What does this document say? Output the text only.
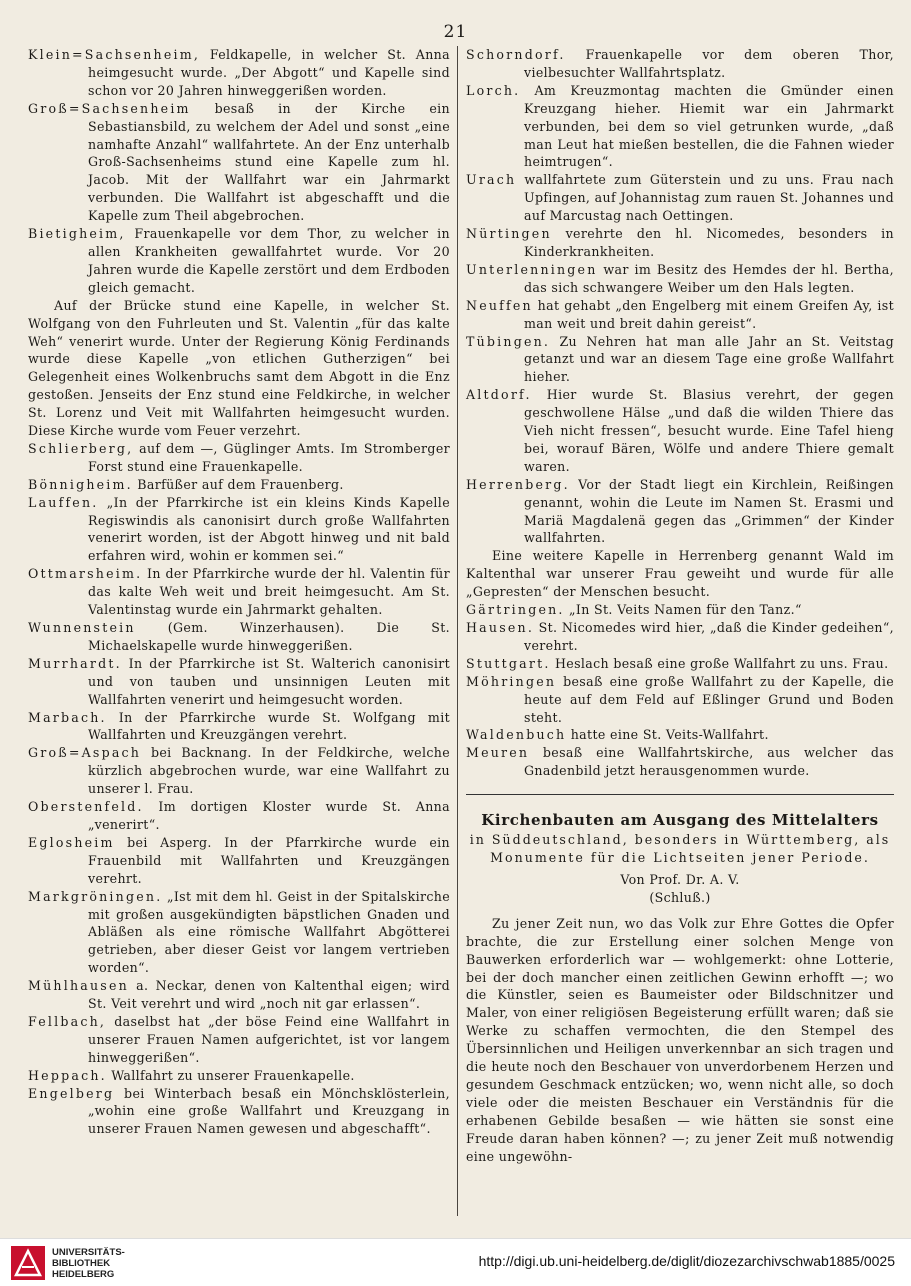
21
Klein=Sachsenheim, Feldkapelle, in welcher St. Anna heimgesucht wurde. „Der Abgott“ und Kapelle sind schon vor 20 Jahren hinweggerißen worden.
Groß=Sachsenheim besaß in der Kirche ein Sebastiansbild, zu welchem der Adel und sonst „eine namhafte Anzahl“ wallfahrtete. An der Enz unterhalb Groß-Sachsenheims stund eine Kapelle zum hl. Jacob. Mit der Wallfahrt war ein Jahrmarkt verbunden. Die Wallfahrt ist abgeschafft und die Kapelle zum Theil abgebrochen.
Bietigheim, Frauenkapelle vor dem Thor, zu welcher in allen Krankheiten gewallfahrtet wurde. Vor 20 Jahren wurde die Kapelle zerstört und dem Erdboden gleich gemacht.
Auf der Brücke stund eine Kapelle, in welcher St. Wolfgang von den Fuhrleuten und St. Valentin „für das kalte Weh“ venerirt wurde. Unter der Regierung König Ferdinands wurde diese Kapelle „von etlichen Gutherzigen“ bei Gelegenheit eines Wolkenbruchs samt dem Abgott in die Enz gestoßen. Jenseits der Enz stund eine Feldkirche, in welcher St. Lorenz und Veit mit Wallfahrten heimgesucht wurden. Diese Kirche wurde vom Feuer verzehrt.
Schlierberg, auf dem —, Güglinger Amts. Im Stromberger Forst stund eine Frauenkapelle.
Bönnigheim. Barfüßer auf dem Frauenberg.
Lauffen. „In der Pfarrkirche ist ein kleins Kinds Kapelle Regiswindis als canonisirt durch große Wallfahrten venerirt worden, ist der Abgott hinweg und nit bald erfahren wird, wohin er kommen sei.“
Ottmarsheim. In der Pfarrkirche wurde der hl. Valentin für das kalte Weh weit und breit heimgesucht. Am St. Valentinstag wurde ein Jahrmarkt gehalten.
Wunnenstein	(Gem. Winzerhausen). Die St. Michaelskapelle wurde hinweggerißen.
Murrhardt. In der Pfarrkirche ist St. Walterich canonisirt und von tauben und unsinnigen Leuten mit Wallfahrten venerirt und heimgesucht worden.
Marbach. In der Pfarrkirche wurde St. Wolfgang mit Wallfahrten und Kreuzgängen verehrt.
Groß=Aspach bei Backnang. In der Feldkirche, welche kürzlich abgebrochen wurde, war eine Wallfahrt zu unserer l. Frau.
Oberstenfeld. Im dortigen Kloster wurde St. Anna „venerirt“.
Eglosheim bei Asperg. In der Pfarrkirche wurde ein Frauenbild mit Wallfahrten und Kreuzgängen verehrt.
Markgröningen. „Ist mit dem hl. Geist in der Spitalskirche mit großen ausgekündigten bäpstlichen Gnaden und Abläßen als eine römische Wallfahrt Abgötterei getrieben, aber dieser Geist vor langem vertrieben worden“.
Mühlhausen a. Neckar, denen von Kaltenthal eigen; wird St. Veit verehrt und wird „noch nit gar erlassen“.
Fellbach, daselbst hat „der böse Feind eine Wallfahrt in unserer Frauen Namen aufgerichtet, ist vor langem hinweggerißen“.
Heppach. Wallfahrt zu unserer Frauenkapelle.
Engelberg bei Winterbach besaß ein Mönchsklösterlein, „wohin eine große Wallfahrt und Kreuzgang in unserer Frauen Namen gewesen und abgeschafft“.
Schorndorf. Frauenkapelle vor dem oberen Thor, vielbesuchter Wallfahrtsplatz.
Lorch. Am Kreuzmontag machten die Gmünder einen Kreuzgang hieher. Hiemit war ein Jahrmarkt verbunden, bei dem so viel getrunken wurde, „daß man Leut hat mießen bestellen, die die Fahnen wieder heimtrugen“.
Urach wallfahrtete zum Güterstein und zu uns. Frau nach Upfingen, auf Johannistag zum rauen St. Johannes und auf Marcustag nach Oettingen.
Nürtingen verehrte den hl. Nicomedes, besonders in Kinderkrankheiten.
Unterlenningen war im Besitz des Hemdes der hl. Bertha, das sich schwangere Weiber um den Hals legten.
Neuffen hat gehabt „den Engelberg mit einem Greifen Ay, ist man weit und breit dahin gereist“.
Tübingen. Zu Nehren hat man alle Jahr an St. Veitstag getanzt und war an diesem Tage eine große Wallfahrt hieher.
Altdorf. Hier wurde St. Blasius verehrt, der gegen geschwollene Hälse „und daß die wilden Thiere das Vieh nicht fressen“, besucht wurde. Eine Tafel hieng bei, worauf Bären, Wölfe und andere Thiere gemalt waren.
Herrenberg. Vor der Stadt liegt ein Kirchlein, Reißingen genannt, wohin die Leute im Namen St. Erasmi und Mariä Magdalenä gegen das „Grimmen“ der Kinder wallfahrten.
Eine weitere Kapelle in Herrenberg genannt Wald im Kaltenthal war unserer Frau geweiht und wurde für alle „Gepresten“ der Menschen besucht.
Gärtringen. „In St. Veits Namen für den Tanz.“
Hausen. St. Nicomedes wird hier, „daß die Kinder gedeihen“, verehrt.
Stuttgart. Heslach besaß eine große Wallfahrt zu uns. Frau.
Möhringen besaß eine große Wallfahrt zu der Kapelle, die heute auf dem Feld auf Eßlinger Grund und Boden steht.
Waldenbuch hatte eine St. Veits-Wallfahrt.
Meuren besaß eine Wallfahrtskirche, aus welcher das Gnadenbild jetzt herausgenommen wurde.
Kirchenbauten am Ausgang des Mittelalters
in Süddeutschland, besonders in Württemberg, als Monumente für die Lichtseiten jener Periode.
Von Prof. Dr. A. V.
(Schluß.)
Zu jener Zeit nun, wo das Volk zur Ehre Gottes die Opfer brachte, die zur Erstellung einer solchen Menge von Bauwerken erforderlich war — wohlgemerkt: ohne Lotterie, bei der doch mancher einen zeitlichen Gewinn erhofft —; wo die Künstler, seien es Baumeister oder Bildschnitzer und Maler, von einer religiösen Begeisterung erfüllt waren; daß sie Werke zu schaffen vermochten, die den Stempel des Übersinnlichen und Heiligen unverkennbar an sich tragen und die heute noch den Beschauer von unverdorbenem Herzen und gesundem Geschmack entzücken; wo, wenn nicht alle, so doch viele oder die meisten Beschauer ein Verständnis für die erhabenen Gebilde besaßen — wie hätten sie sonst eine Freude daran haben können? —; zu jener Zeit muß notwendig eine ungewöhn-
UNIVERSITÄTS-
BIBLIOTHEK
HEIDELBERG
http://digi.ub.uni-heidelberg.de/diglit/diozezarchivschwab1885/0025
